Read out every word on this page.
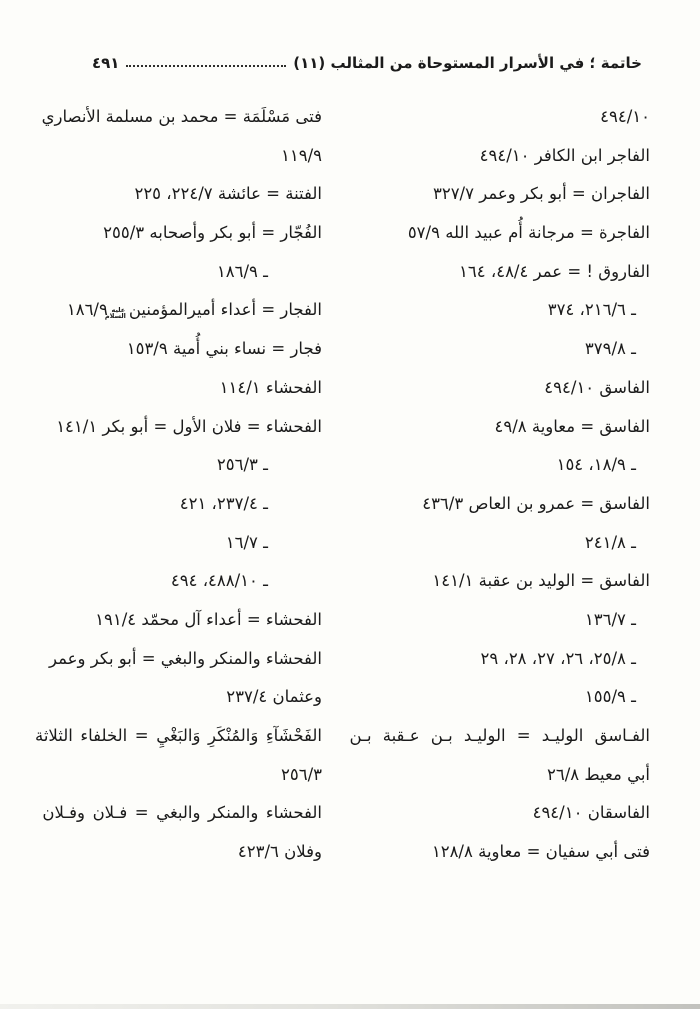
خاتمة ؛ في الأسرار المستوحاة من المثالب (١١)
٤٩١
٤٩٤/١٠
الفاجر ابن الكافر ٤٩٤/١٠
الفاجران = أبو بكر وعمر ٣٢٧/٧
الفاجرة = مرجانة أُم عبيد الله ٥٧/٩
الفاروق ! = عمر ٤٨/٤، ١٦٤
ـ ٢١٦/٦، ٣٧٤
ـ ٣٧٩/٨
الفاسق ٤٩٤/١٠
الفاسق = معاوية ٤٩/٨
ـ ١٨/٩، ١٥٤
الفاسق = عمرو بن العاص ٤٣٦/٣
ـ ٢٤١/٨
الفاسق = الوليد بن عقبة ١٤١/١
ـ ١٣٦/٧
ـ ٢٥/٨، ٢٦، ٢٧، ٢٨، ٢٩
ـ ١٥٥/٩
الفـاسق الوليـد = الوليـد بـن عـقبة بـن
أبي معيط ٢٦/٨
الفاسقان ٤٩٤/١٠
فتى أبي سفيان = معاوية ١٢٨/٨
فتى مَسْلَمَة = محمد بن مسلمة الأنصاري
١١٩/٩
الفتنة = عائشة ٢٢٤/٧، ٢٢٥
الفُجّار = أبو بكر وأصحابه ٢٥٥/٣
ـ ١٨٦/٩
الفجار = أعداء أميرالمؤمنينعليه السلام١٨٦/٩
فجار = نساء بني أُمية ١٥٣/٩
الفحشاء ١١٤/١
الفحشاء = فلان الأول = أبو بكر ١٤١/١
ـ ٢٥٦/٣
ـ ٢٣٧/٤، ٤٢١
ـ ١٦/٧
ـ ٤٨٨/١٠، ٤٩٤
الفحشاء = أعداء آل محمّد ١٩١/٤
الفحشاء والمنكر والبغي = أبو بكر وعمر
وعثمان ٢٣٧/٤
الفَحْشَآءِ وَالمُنْكَرِ وَالبَغْيِ = الخلفاء الثلاثة
٢٥٦/٣
الفحشاء والمنكر والبغي = فـلان وفـلان
وفلان ٤٢٣/٦
